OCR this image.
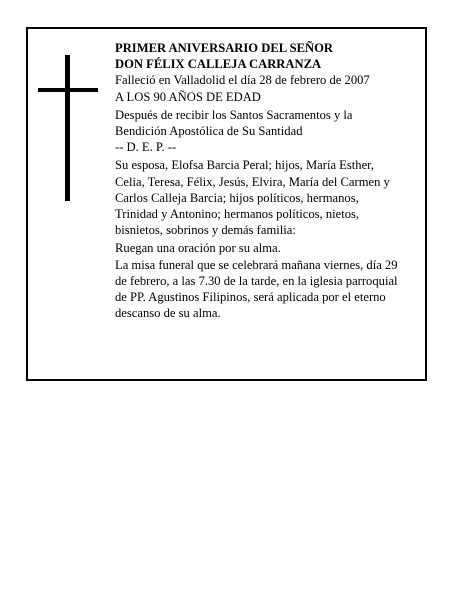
PRIMER ANIVERSARIO DEL SEÑOR
DON FÉLIX CALLEJA CARRANZA
Falleció en Valladolid el día 28 de febrero de 2007
A LOS 90 AÑOS DE EDAD
Después de recibir los Santos Sacramentos y la
Bendición Apostólica de Su Santidad
-- D. E. P. --
Su esposa, Elofsa Barcia Peral; hijos, María Esther,
Celia, Teresa, Félix, Jesús, Elvira, María del Carmen y
Carlos Calleja Barcia; hijos políticos, hermanos,
Trinidad y Antonino; hermanos políticos, nietos,
bisnietos, sobrinos y demás familia:
Ruegan una oración por su alma.
La misa funeral que se celebrará mañana viernes, día 29
de febrero, a las 7.30 de la tarde, en la iglesia parroquial
de PP. Agustinos Filipinos, será aplicada por el eterno
descanso de su alma.
